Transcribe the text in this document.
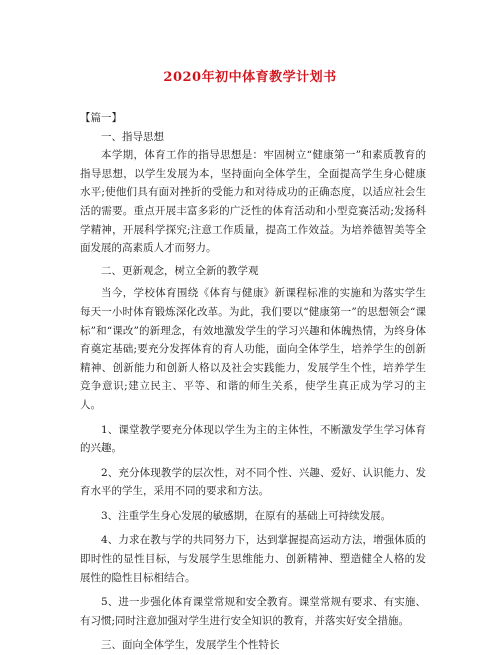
2020年初中体育教学计划书

【篇一】

一、指导思想

本学期，体育工作的指导思想是：牢固树立“健康第一”和素质教育的指导思想，以学生发展为本，坚持面向全体学生，全面提高学生身心健康水平;使他们具有面对挫折的受能力和对待成功的正确态度，以适应社会生活的需要。重点开展丰富多彩的广泛性的体育活动和小型竞赛活动;发扬科学精神，开展科学探究;注意工作质量，提高工作效益。为培养德智美等全面发展的高素质人才而努力。

二、更新观念，树立全新的教学观

当今，学校体育围绕《体育与健康》新课程标准的实施和为落实学生每天一小时体育锻炼深化改革。为此，我们要以“健康第一”的思想领会“课标”和“课改”的新理念，有效地激发学生的学习兴趣和体魄热情，为终身体育奠定基础;要充分发挥体育的育人功能，面向全体学生，培养学生的创新精神、创新能力和创新人格以及社会实践能力，发展学生个性，培养学生竞争意识;建立民主、平等、和谐的师生关系，使学生真正成为学习的主人。

1、课堂教学要充分体现以学生为主的主体性，不断激发学生学习体育的兴趣。

2、充分体现教学的层次性，对不同个性、兴趣、爱好、认识能力、发育水平的学生，采用不同的要求和方法。

3、注重学生身心发展的敏感期，在原有的基础上可持续发展。

4、力求在教与学的共同努力下，达到掌握提高运动方法，增强体质的即时性的显性目标，与发展学生思维能力、创新精神、塑造健全人格的发展性的隐性目标相结合。

5、进一步强化体育课堂常规和安全教育。课堂常规有要求、有实施、有习惯;同时注意加强对学生进行安全知识的教育，并落实好安全措施。

三、面向全体学生，发展学生个性特长
